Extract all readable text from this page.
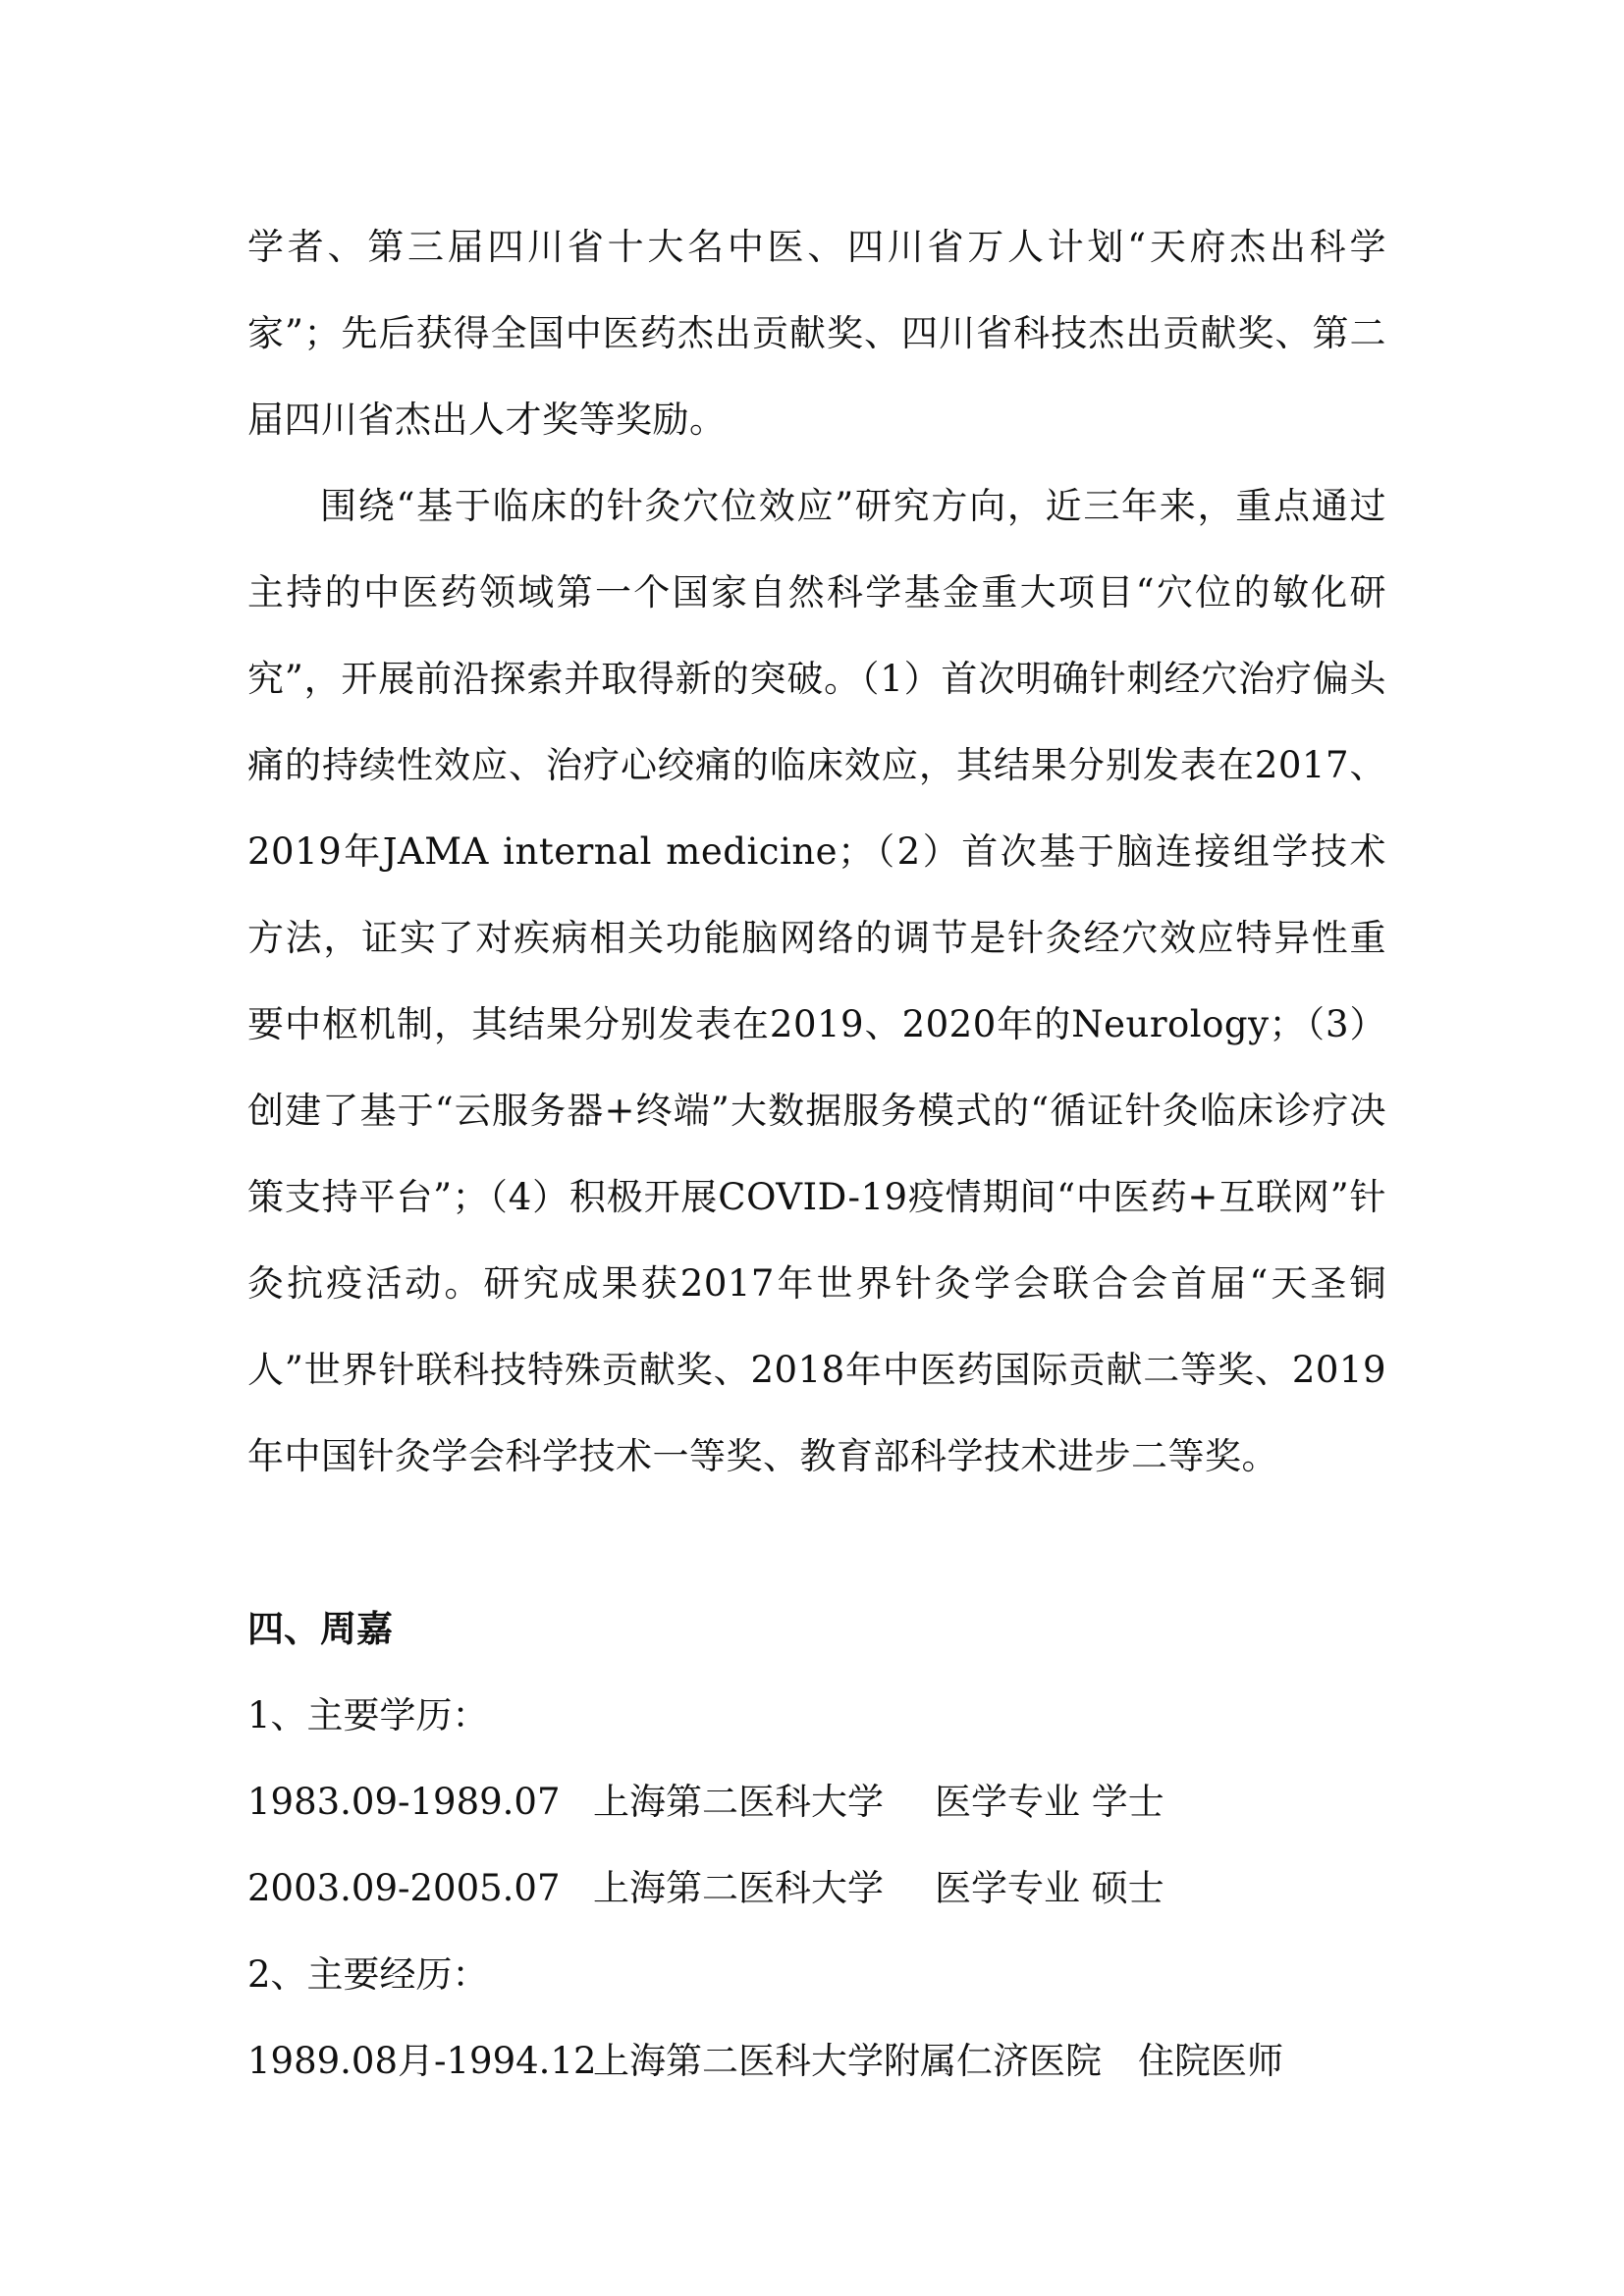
学者、第三届四川省十大名中医、四川省万人计划“天府杰出科学家”；先后获得全国中医药杰出贡献奖、四川省科技杰出贡献奖、第二届四川省杰出人才奖等奖励。

围绕“基于临床的针灸穴位效应”研究方向，近三年来，重点通过主持的中医药领域第一个国家自然科学基金重大项目“穴位的敏化研究”，开展前沿探索并取得新的突破。（1）首次明确针刺经穴治疗偏头痛的持续性效应、治疗心绞痛的临床效应，其结果分别发表在2017、2019年JAMA internal medicine；（2）首次基于脑连接组学技术方法，证实了对疾病相关功能脑网络的调节是针灸经穴效应特异性重要中枢机制，其结果分别发表在2019、2020年的Neurology；（3）创建了基于“云服务器+终端”大数据服务模式的“循证针灸临床诊疗决策支持平台”；（4）积极开展COVID-19疫情期间“中医药+互联网”针灸抗疫活动。研究成果获2017年世界针灸学会联合会首届“天圣铜人”世界针联科技特殊贡献奖、2018年中医药国际贡献二等奖、2019年中国针灸学会科学技术一等奖、教育部科学技术进步二等奖。

四、周嘉

1、主要学历：

1983.09-1989.07 上海第二医科大学	医学专业 学士
2003.09-2005.07 上海第二医科大学	医学专业 硕士

2、主要经历：

1989.08月-1994.12
上海第二医科大学附属仁济医院　住院医师
